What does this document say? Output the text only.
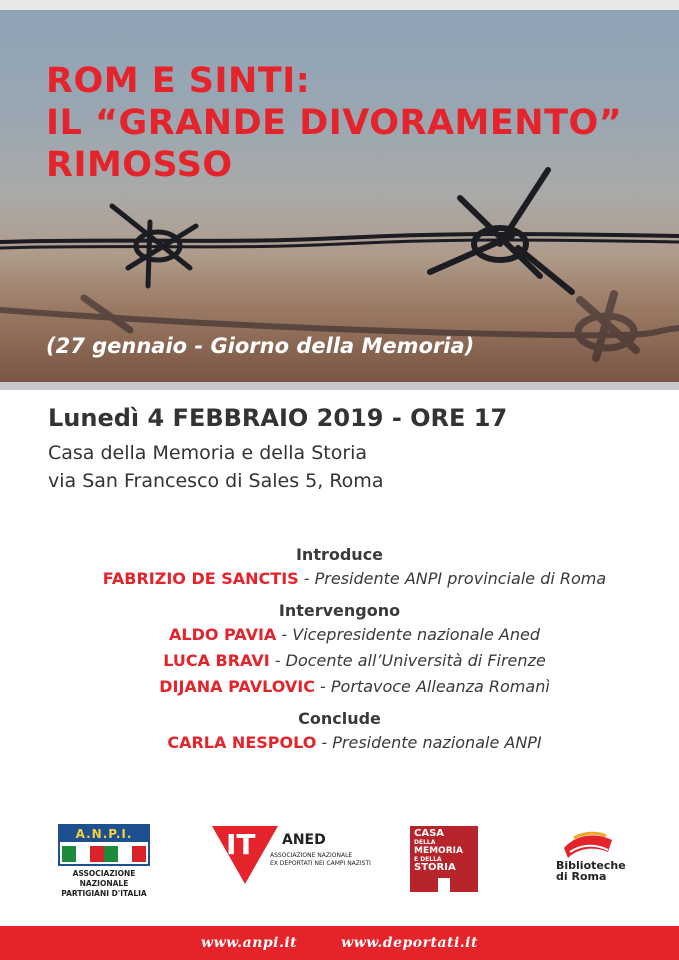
ROM E SINTI:
IL “GRANDE DIVORAMENTO”
RIMOSSO
(27 gennaio - Giorno della Memoria)
Lunedì 4 FEBBRAIO 2019 - ORE 17
Casa della Memoria e della Storia
via San Francesco di Sales 5, Roma
Introduce
FABRIZIO DE SANCTIS - Presidente ANPI provinciale di Roma
Intervengono
ALDO PAVIA - Vicepresidente nazionale Aned
LUCA BRAVI - Docente all’Università di Firenze
DIJANA PAVLOVIC - Portavoce Alleanza Romanì
Conclude
CARLA NESPOLO - Presidente nazionale ANPI
A.N.P.I.
ASSOCIAZIONE NAZIONALE
PARTIGIANI D'ITALIA
IT ANED
ASSOCIAZIONE NAZIONALE
EX DEPORTATI NEI CAMPI NAZISTI
CASA
DELLA
MEMORIA
E DELLA
STORIA	Biblioteche
di Roma
www.anpi.it	www.deportati.it
